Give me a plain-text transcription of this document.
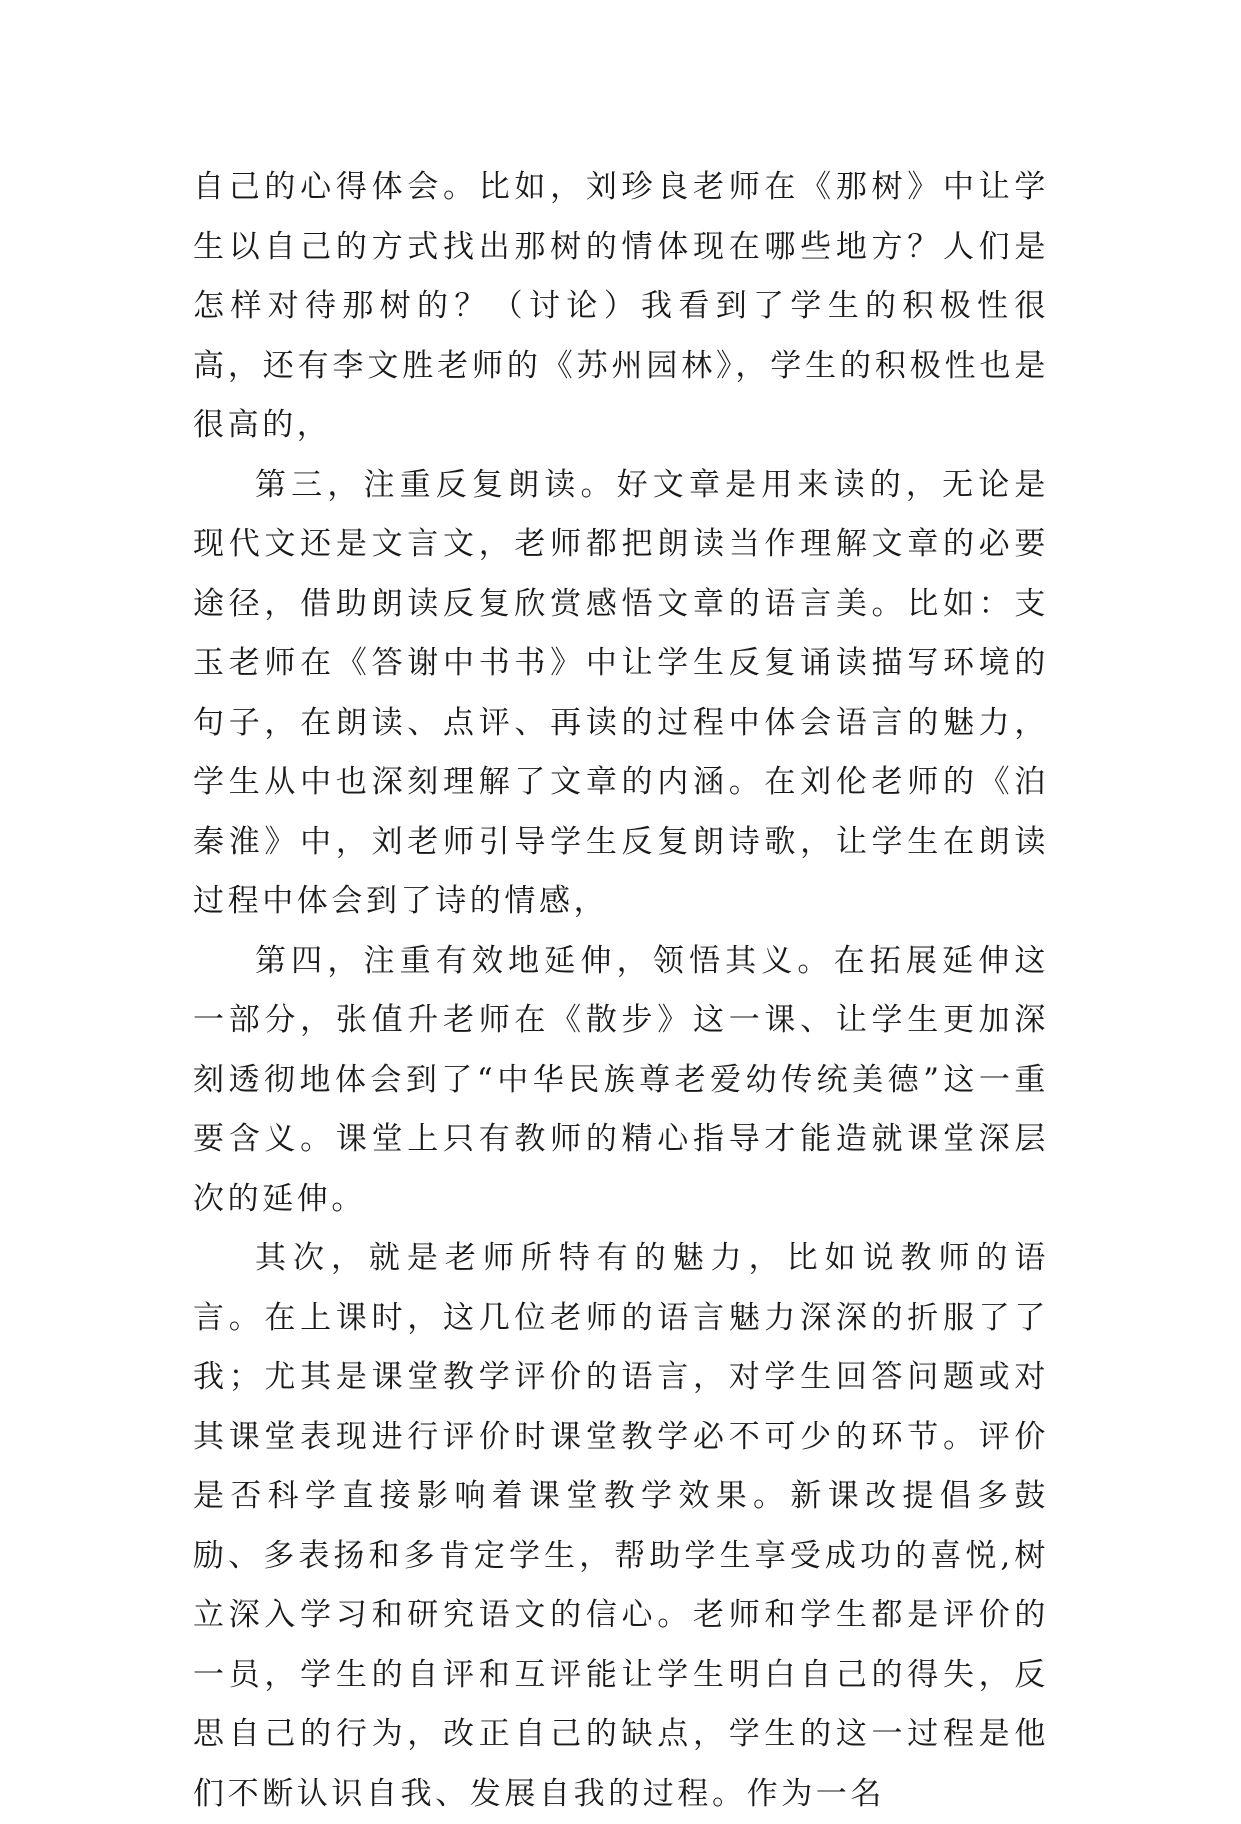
自己的心得体会。比如，刘珍良老师在《那树》中让学生以自己的方式找出那树的情体现在哪些地方？人们是怎样对待那树的？（讨论）我看到了学生的积极性很高，还有李文胜老师的《苏州园林》，学生的积极性也是很高的，

第三，注重反复朗读。好文章是用来读的，无论是现代文还是文言文，老师都把朗读当作理解文章的必要途径，借助朗读反复欣赏感悟文章的语言美。比如：支玉老师在《答谢中书书》中让学生反复诵读描写环境的句子，在朗读、点评、再读的过程中体会语言的魅力，学生从中也深刻理解了文章的内涵。在刘伦老师的《泊秦淮》中，刘老师引导学生反复朗诗歌，让学生在朗读过程中体会到了诗的情感，

第四，注重有效地延伸，领悟其义。在拓展延伸这一部分，张值升老师在《散步》这一课、让学生更加深刻透彻地体会到了“中华民族尊老爱幼传统美德”这一重要含义。课堂上只有教师的精心指导才能造就课堂深层次的延伸。

其次，就是老师所特有的魅力，比如说教师的语言。在上课时，这几位老师的语言魅力深深的折服了了我；尤其是课堂教学评价的语言，对学生回答问题或对其课堂表现进行评价时课堂教学必不可少的环节。评价是否科学直接影响着课堂教学效果。新课改提倡多鼓励、多表扬和多肯定学生，帮助学生享受成功的喜悦,树立深入学习和研究语文的信心。老师和学生都是评价的一员，学生的自评和互评能让学生明白自己的得失，反思自己的行为，改正自己的缺点，学生的这一过程是他们不断认识自我、发展自我的过程。作为一名
